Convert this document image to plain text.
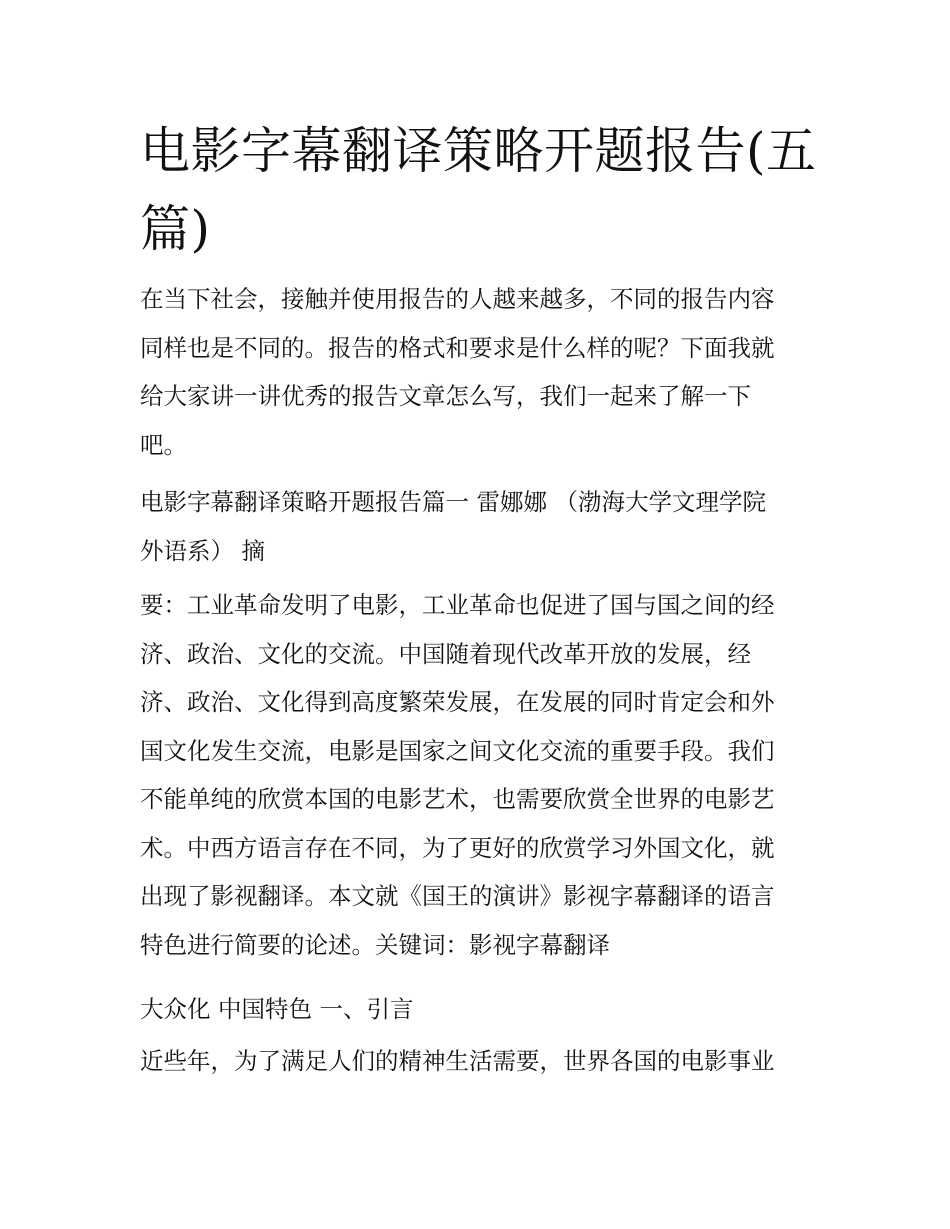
电影字幕翻译策略开题报告(五
篇)
在当下社会，接触并使用报告的人越来越多，不同的报告内容
同样也是不同的。报告的格式和要求是什么样的呢？下面我就
给大家讲一讲优秀的报告文章怎么写，我们一起来了解一下
吧。
电影字幕翻译策略开题报告篇一 雷娜娜 （渤海大学文理学院
外语系） 摘
要：工业革命发明了电影，工业革命也促进了国与国之间的经
济、政治、文化的交流。中国随着现代改革开放的发展，经
济、政治、文化得到高度繁荣发展，在发展的同时肯定会和外
国文化发生交流，电影是国家之间文化交流的重要手段。我们
不能单纯的欣赏本国的电影艺术，也需要欣赏全世界的电影艺
术。中西方语言存在不同，为了更好的欣赏学习外国文化，就
出现了影视翻译。本文就《国王的演讲》影视字幕翻译的语言
特色进行简要的论述。关键词：影视字幕翻译
大众化 中国特色 一、引言
近些年，为了满足人们的精神生活需要，世界各国的电影事业
